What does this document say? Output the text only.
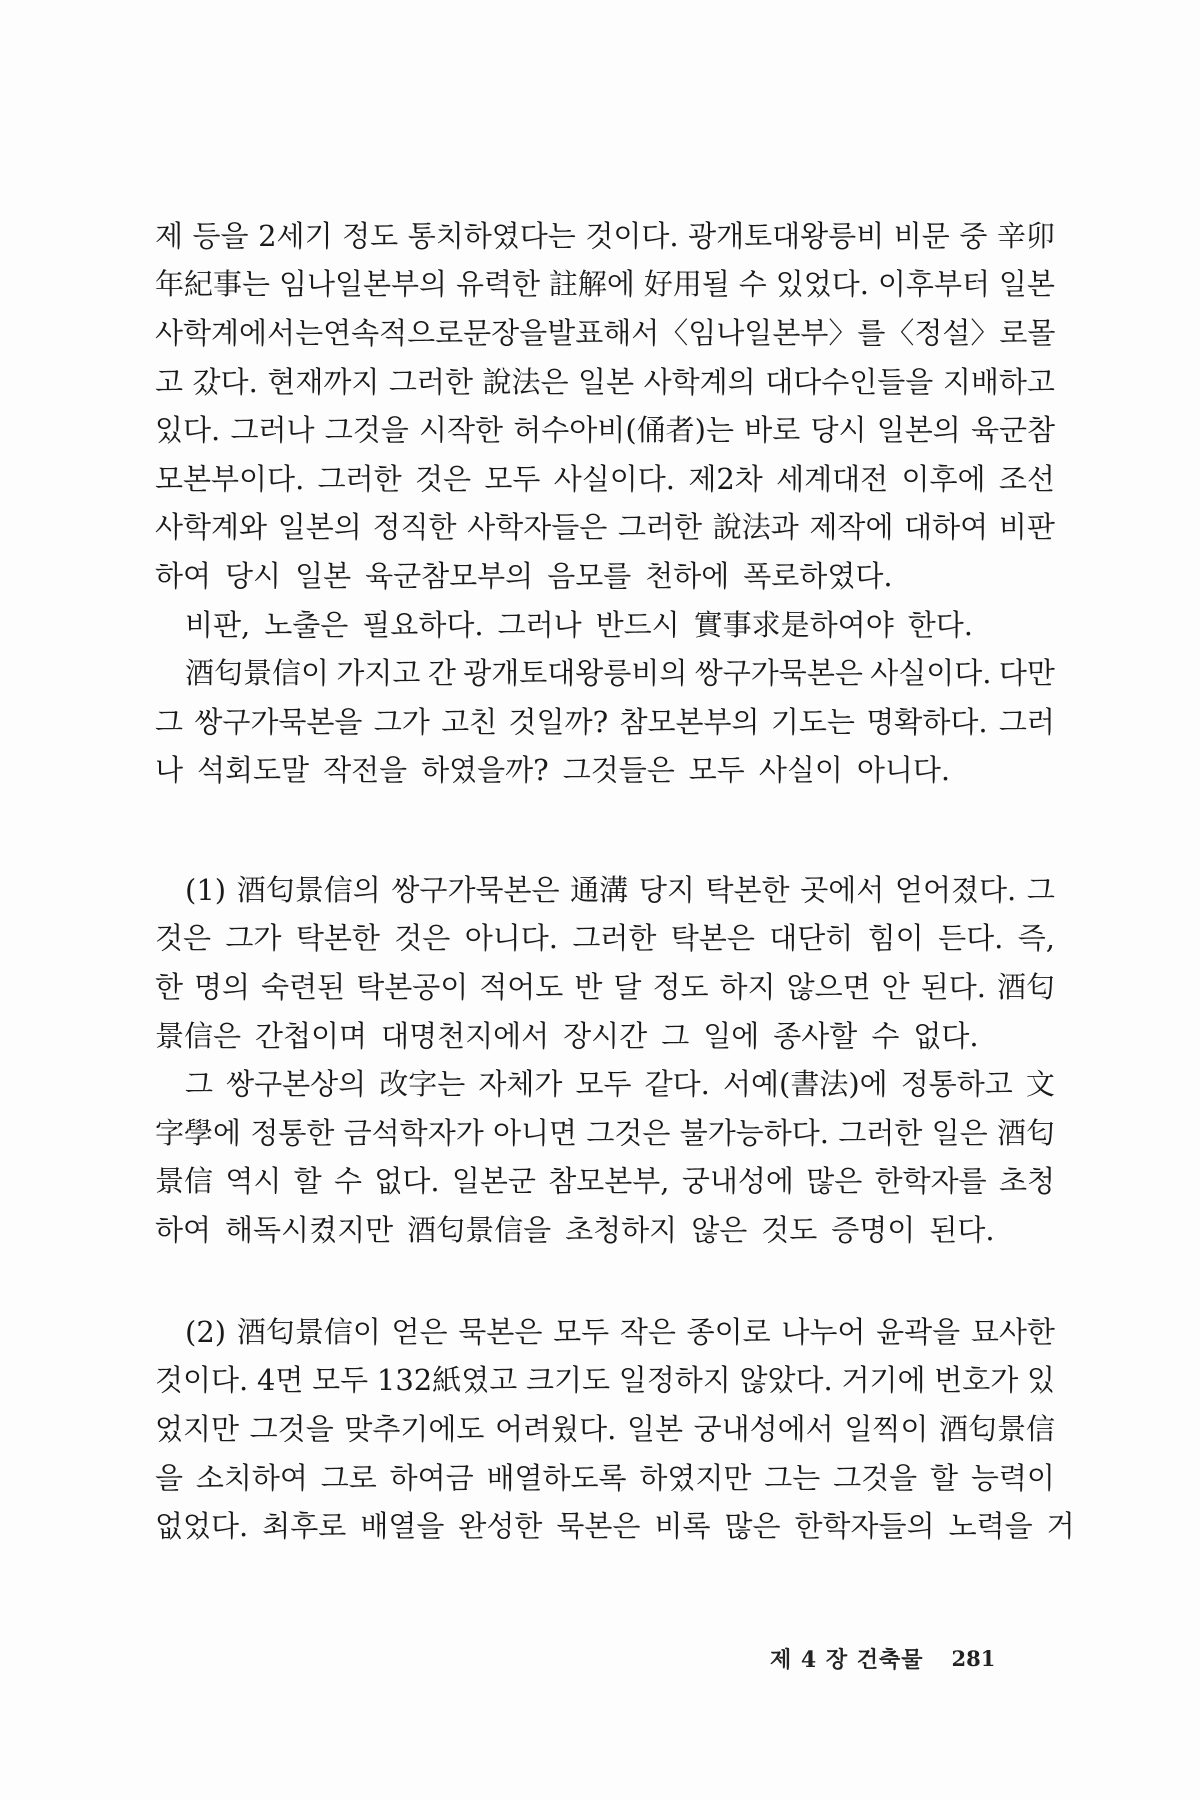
제 등을 2세기 정도 통치하였다는 것이다. 광개토대왕릉비 비문 중 辛卯
年紀事는 임나일본부의 유력한 註解에 好用될 수 있었다. 이후부터 일본
사학계에서는 연속적으로 문장을 발표해서 〈임나일본부〉를 〈정설〉로 몰
고 갔다. 현재까지 그러한 說法은 일본 사학계의 대다수인들을 지배하고
있다. 그러나 그것을 시작한 허수아비(俑者)는 바로 당시 일본의 육군참
모본부이다. 그러한 것은 모두 사실이다. 제2차 세계대전 이후에 조선
사학계와 일본의 정직한 사학자들은 그러한 說法과 제작에 대하여 비판
하여 당시 일본 육군참모부의 음모를 천하에 폭로하였다.
비판, 노출은 필요하다. 그러나 반드시 實事求是하여야 한다.
酒匂景信이 가지고 간 광개토대왕릉비의 쌍구가묵본은 사실이다. 다만
그 쌍구가묵본을 그가 고친 것일까? 참모본부의 기도는 명확하다. 그러
나 석회도말 작전을 하였을까? 그것들은 모두 사실이 아니다.
(1) 酒匂景信의 쌍구가묵본은 通溝 당지 탁본한 곳에서 얻어졌다. 그
것은 그가 탁본한 것은 아니다. 그러한 탁본은 대단히 힘이 든다. 즉,
한 명의 숙련된 탁본공이 적어도 반 달 정도 하지 않으면 안 된다. 酒匂
景信은 간첩이며 대명천지에서 장시간 그 일에 종사할 수 없다.
그 쌍구본상의 改字는 자체가 모두 같다. 서예(書法)에 정통하고 文
字學에 정통한 금석학자가 아니면 그것은 불가능하다. 그러한 일은 酒匂
景信 역시 할 수 없다. 일본군 참모본부, 궁내성에 많은 한학자를 초청
하여 해독시켰지만 酒匂景信을 초청하지 않은 것도 증명이 된다.
(2) 酒匂景信이 얻은 묵본은 모두 작은 종이로 나누어 윤곽을 묘사한
것이다. 4면 모두 132紙였고 크기도 일정하지 않았다. 거기에 번호가 있
었지만 그것을 맞추기에도 어려웠다. 일본 궁내성에서 일찍이 酒匂景信
을 소치하여 그로 하여금 배열하도록 하였지만 그는 그것을 할 능력이
없었다. 최후로 배열을 완성한 묵본은 비록 많은 한학자들의 노력을 거
제 4 장 건축물 281
